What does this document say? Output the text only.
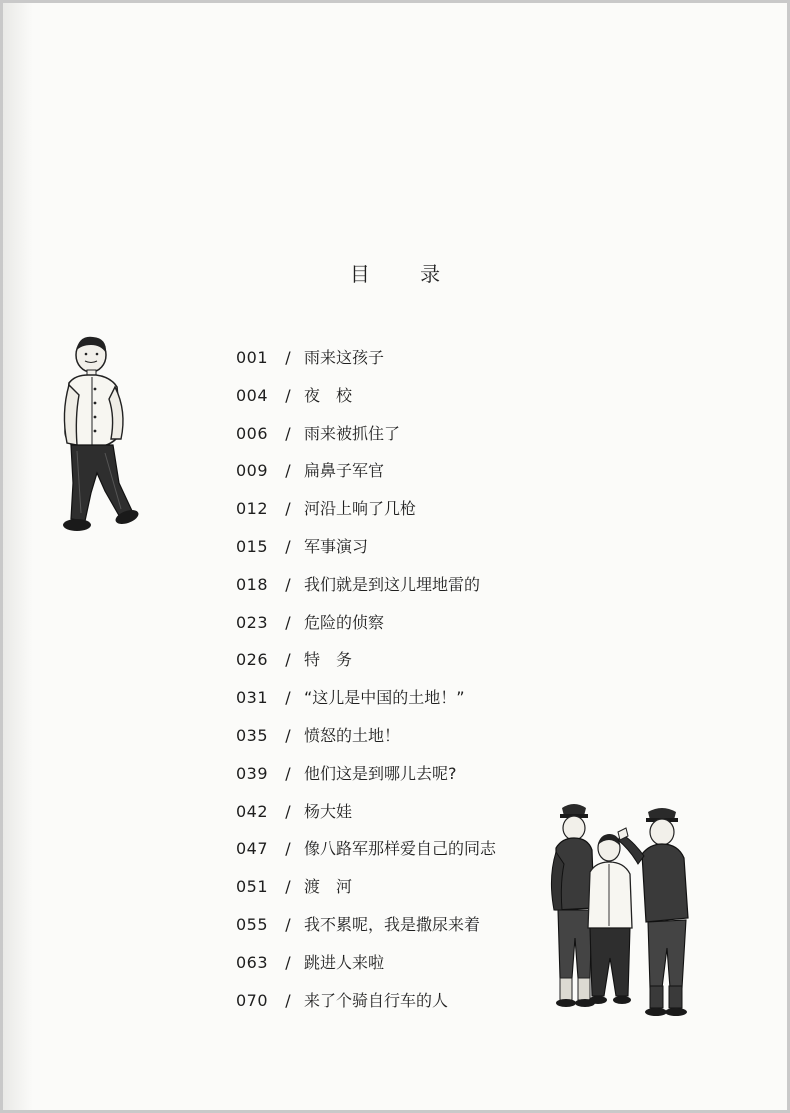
目 录
001 / 雨来这孩子
004 / 夜　校
006 / 雨来被抓住了
009 / 扁鼻子军官
012 / 河沿上响了几枪
015 / 军事演习
018 / 我们就是到这儿埋地雷的
023 / 危险的侦察
026 / 特　务
031 / “这儿是中国的土地！”
035 / 愤怒的土地！
039 / 他们这是到哪儿去呢?
042 / 杨大娃
047 / 像八路军那样爱自己的同志
051 / 渡　河
055 / 我不累呢，我是撒尿来着
063 / 跳进人来啦
070 / 来了个骑自行车的人
